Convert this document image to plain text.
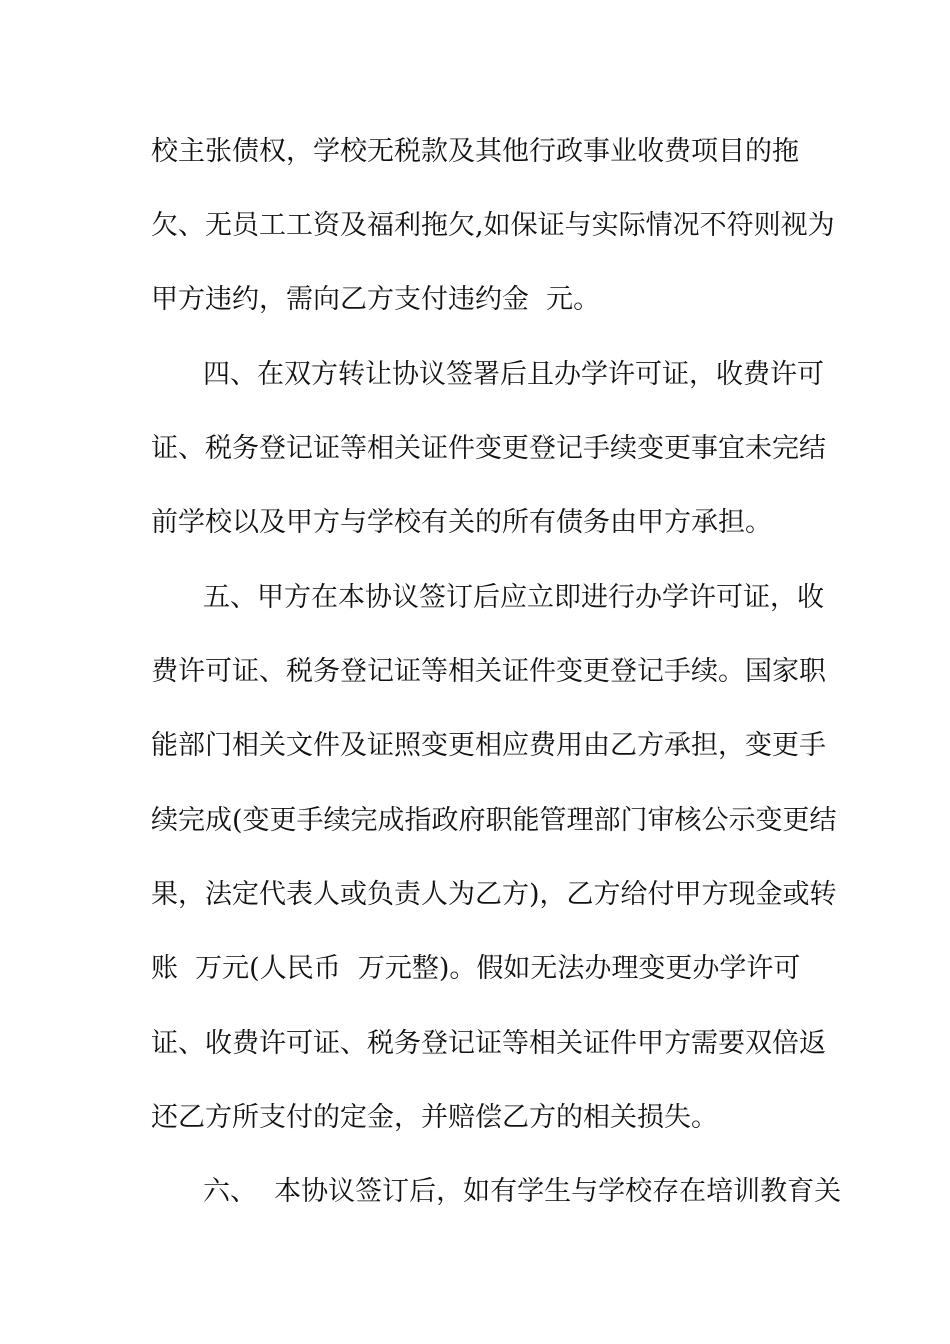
校主张债权，学校无税款及其他行政事业收费项目的拖
欠、无员工工资及福利拖欠,如保证与实际情况不符则视为
甲方违约，需向乙方支付违约金  元。
四、在双方转让协议签署后且办学许可证，收费许可
证、税务登记证等相关证件变更登记手续变更事宜未完结
前学校以及甲方与学校有关的所有债务由甲方承担。
五、甲方在本协议签订后应立即进行办学许可证，收
费许可证、税务登记证等相关证件变更登记手续。国家职
能部门相关文件及证照变更相应费用由乙方承担，变更手
续完成(变更手续完成指政府职能管理部门审核公示变更结
果，法定代表人或负责人为乙方)，乙方给付甲方现金或转
账  万元(人民币  万元整)。假如无法办理变更办学许可
证、收费许可证、税务登记证等相关证件甲方需要双倍返
还乙方所支付的定金，并赔偿乙方的相关损失。
六、  本协议签订后，如有学生与学校存在培训教育关
